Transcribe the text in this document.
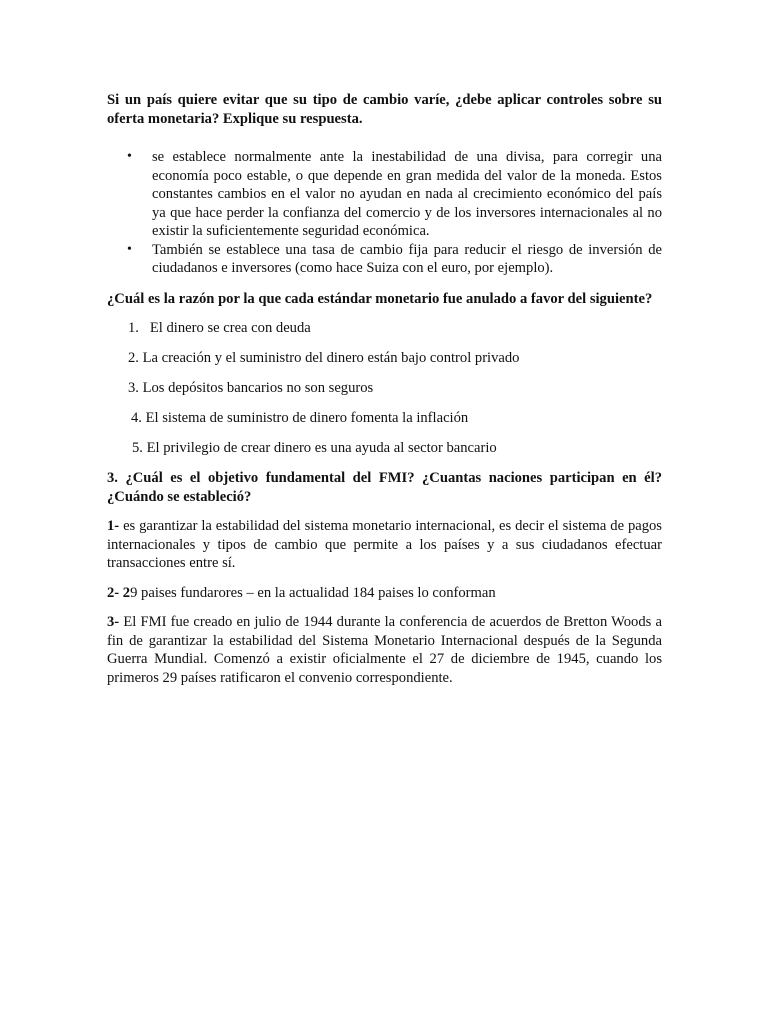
Si un país quiere evitar que su tipo de cambio varíe, ¿debe aplicar controles sobre su oferta monetaria? Explique su respuesta.

• se establece normalmente ante la inestabilidad de una divisa, para corregir una economía poco estable, o que depende en gran medida del valor de la moneda. Estos constantes cambios en el valor no ayudan en nada al crecimiento económico del país ya que hace perder la confianza del comercio y de los inversores internacionales al no existir la suficientemente seguridad económica.
• También se establece una tasa de cambio fija para reducir el riesgo de inversión de ciudadanos e inversores (como hace Suiza con el euro, por ejemplo).

¿Cuál es la razón por la que cada estándar monetario fue anulado a favor del siguiente?

1.   El dinero se crea con deuda

2. La creación y el suministro del dinero están bajo control privado

3. Los depósitos bancarios no son seguros

4. El sistema de suministro de dinero fomenta la inflación

5. El privilegio de crear dinero es una ayuda al sector bancario

3. ¿Cuál es el objetivo fundamental del FMI? ¿Cuantas naciones participan en él? ¿Cuándo se estableció?

1- es garantizar la estabilidad del sistema monetario internacional, es decir el sistema de pagos internacionales y tipos de cambio que permite a los países y a sus ciudadanos efectuar transacciones entre sí.

2- 29 paises fundarores – en la actualidad 184 paises lo conforman

3- El FMI fue creado en julio de 1944 durante la conferencia de acuerdos de Bretton Woods a fin de garantizar la estabilidad del Sistema Monetario Internacional después de la Segunda Guerra Mundial. Comenzó a existir oficialmente el 27 de diciembre de 1945, cuando los primeros 29 países ratificaron el convenio correspondiente.
